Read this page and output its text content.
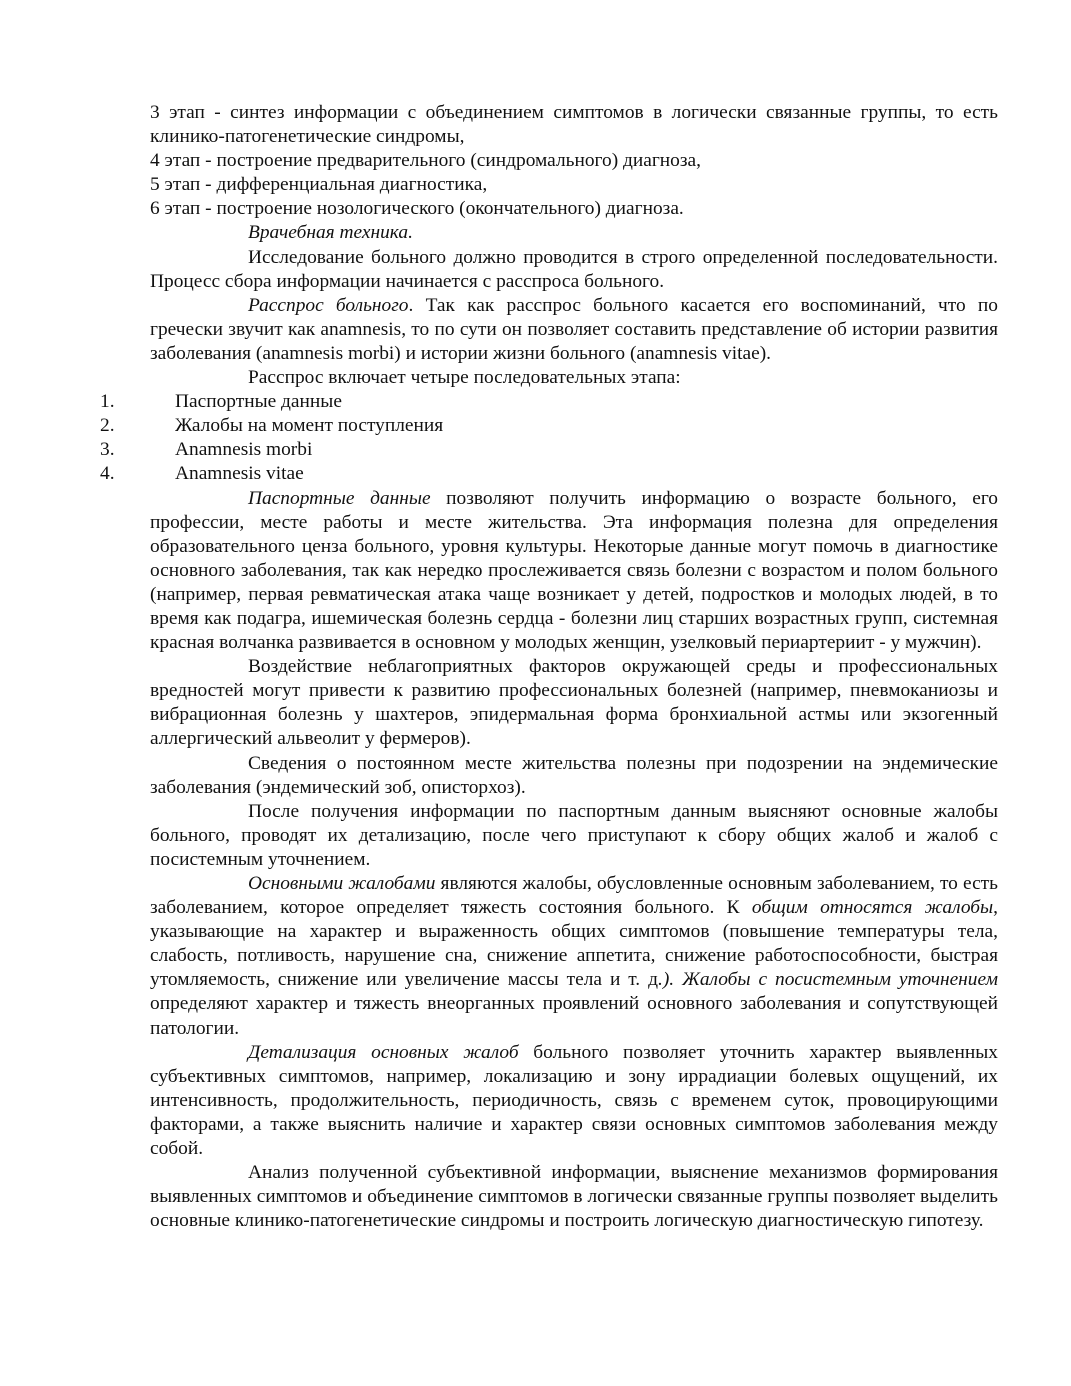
3 этап - синтез информации с объединением симптомов в логически связанные группы, то есть клинико-патогенетические синдромы,

4 этап - построение предварительного (синдромального) диагноза,

5 этап - дифференциальная диагностика,

6 этап - построение нозологического (окончательного) диагноза.

Врачебная техника.

Исследование больного должно проводится в строго определенной последовательности. Процесс сбора информации начинается с расспроса больного.

Расспрос больного. Так как расспрос больного касается его воспоминаний, что по гречески звучит как anamnesis, то по сути он позволяет составить представление об истории развития заболевания (anamnesis morbi) и истории жизни больного (anamnesis vitae).

Расспрос включает четыре последовательных этапа:

1.	Паспортные данные
2.	Жалобы на момент поступления
3.	Anamnesis morbi
4.	Anamnesis vitae

Паспортные данные позволяют получить информацию о возрасте больного, его профессии, месте работы и месте жительства. Эта информация полезна для определения образовательного ценза больного, уровня культуры. Некоторые данные могут помочь в диагностике основного заболевания, так как нередко прослеживается связь болезни с возрастом и полом больного (например, первая ревматическая атака чаще возникает у детей, подростков и молодых людей, в то время как подагра, ишемическая болезнь сердца - болезни лиц старших возрастных групп, системная красная волчанка развивается в основном у молодых женщин, узелковый периартериит - у мужчин).

Воздействие неблагоприятных факторов окружающей среды и профессиональных вредностей могут привести к развитию профессиональных болезней (например, пневмоканиозы и вибрационная болезнь у шахтеров, эпидермальная форма бронхиальной астмы или экзогенный аллергический альвеолит у фермеров).

Сведения о постоянном месте жительства полезны при подозрении на эндемические заболевания (эндемический зоб, описторхоз).

После получения информации по паспортным данным выясняют основные жалобы больного, проводят их детализацию, после чего приступают к сбору общих жалоб и жалоб с посистемным уточнением.

Основными жалобами являются жалобы, обусловленные основным заболеванием, то есть заболеванием, которое определяет тяжесть состояния больного. К общим относятся жалобы, указывающие на характер и выраженность общих симптомов (повышение температуры тела, слабость, потливость, нарушение сна, снижение аппетита, снижение работоспособности, быстрая утомляемость, снижение или увеличение массы тела и т. д.). Жалобы с посистемным уточнением определяют характер и тяжесть внеорганных проявлений основного заболевания и сопутствующей патологии.

Детализация основных жалоб больного позволяет уточнить характер выявленных субъективных симптомов, например, локализацию и зону иррадиации болевых ощущений, их интенсивность, продолжительность, периодичность, связь с временем суток, провоцирующими факторами, а также выяснить наличие и характер связи основных симптомов заболевания между собой.

Анализ полученной субъективной информации, выяснение механизмов формирования выявленных симптомов и объединение симптомов в логически связанные группы позволяет выделить основные клинико-патогенетические синдромы и построить логическую диагностическую гипотезу.
